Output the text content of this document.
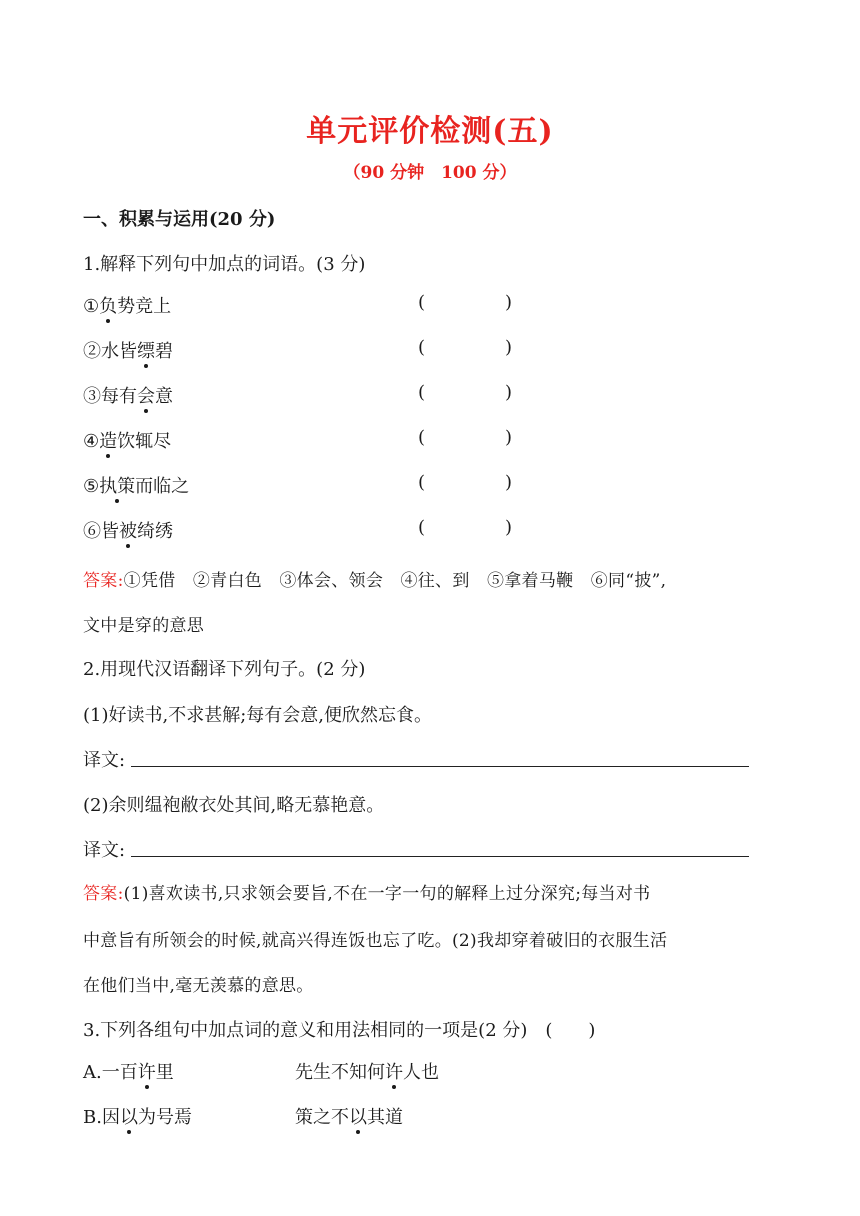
单元评价检测(五)
（90 分钟　100 分）
一、积累与运用(20 分)
1.解释下列句中加点的词语。(3 分)
①负势竞上	(	)
②水皆缥碧	(	)
③每有会意	(	)
④造饮辄尽	(	)
⑤执策而临之	(	)
⑥皆被绮绣	(	)
答案:①凭借　②青白色　③体会、领会　④往、到　⑤拿着马鞭　⑥同“披”,
文中是穿的意思
2.用现代汉语翻译下列句子。(2 分)
(1)好读书,不求甚解;每有会意,便欣然忘食。
译文:
(2)余则缊袍敝衣处其间,略无慕艳意。
译文:
答案:(1)喜欢读书,只求领会要旨,不在一字一句的解释上过分深究;每当对书
中意旨有所领会的时候,就高兴得连饭也忘了吃。(2)我却穿着破旧的衣服生活
在他们当中,毫无羡慕的意思。
3.下列各组句中加点词的意义和用法相同的一项是(2 分)　(　　)
A.一百许里	先生不知何许人也
B.因以为号焉	策之不以其道
